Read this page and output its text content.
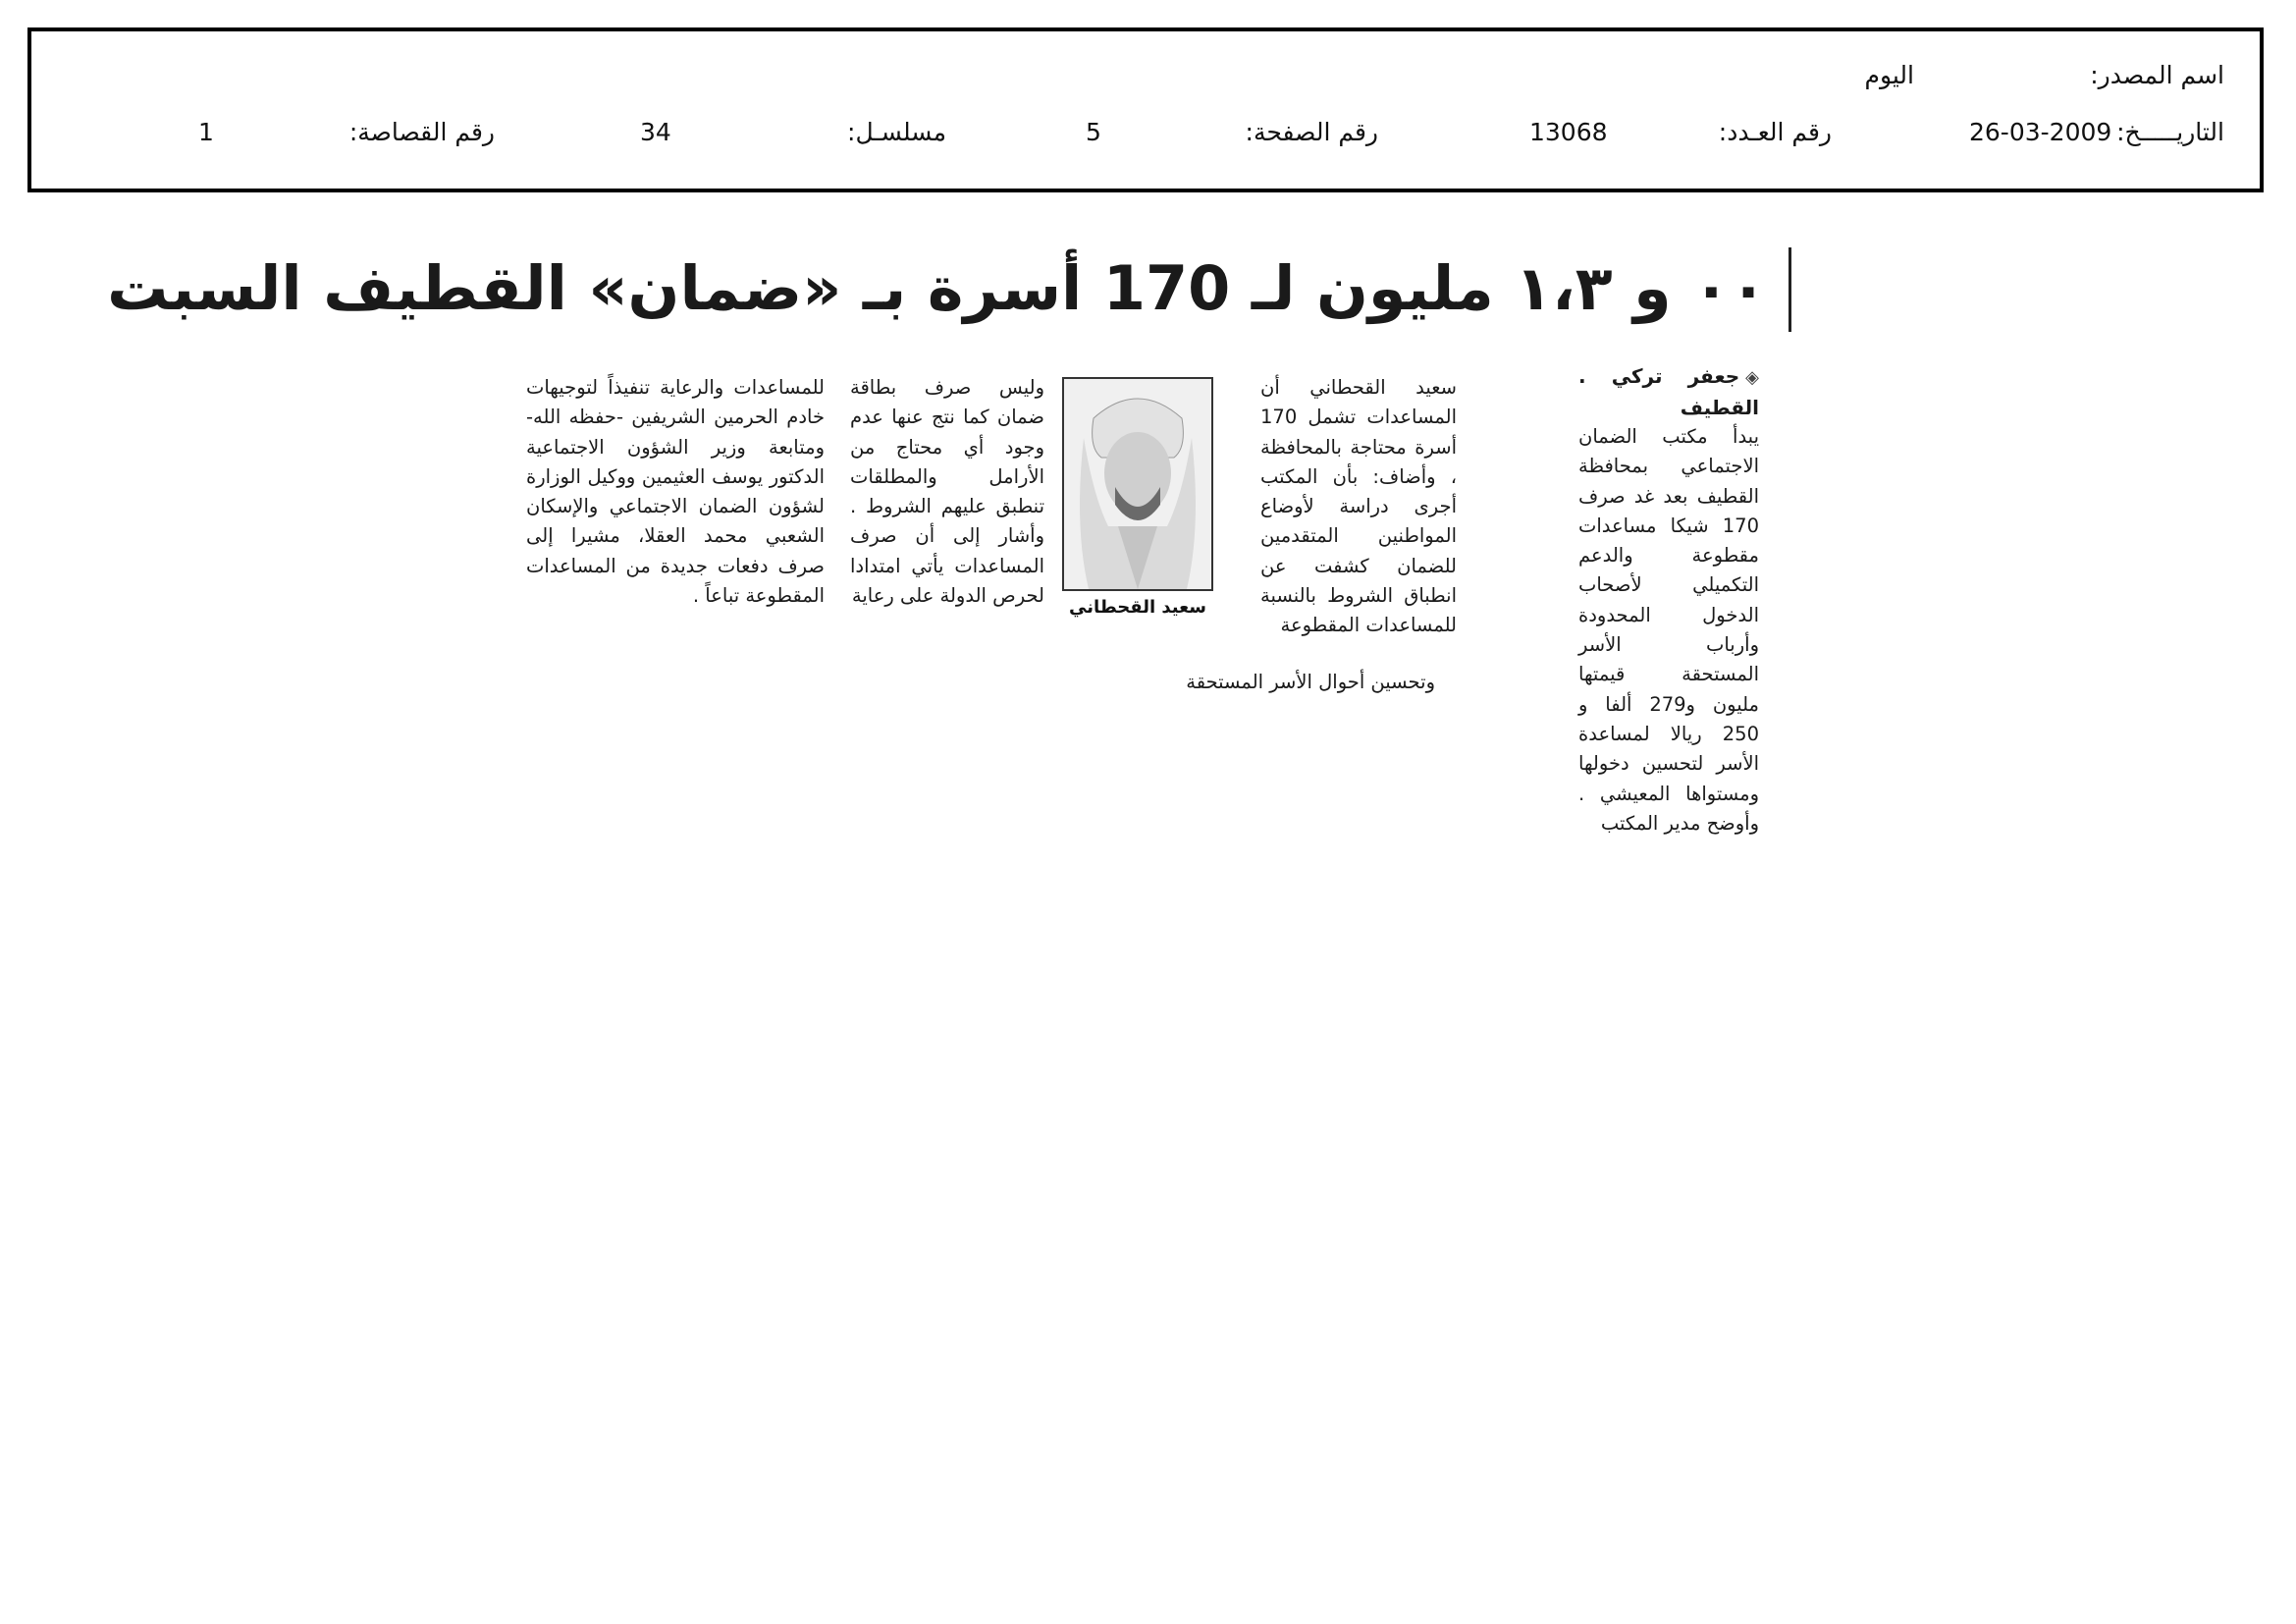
اسم المصدر:
اليوم
التاريـــــخ:
26-03-2009
رقم العـدد:
13068
رقم الصفحة:
5
مسلسـل:
34
رقم القصاصة:
1
٠٠ و ١،٣ مليون لـ 170 أسرة بـ «ضمان» القطيف السبت
◈جعفر تركي . القطيف
يبدأ مكتب الضمان الاجتماعي بمحافظة القطيف بعد غد صرف 170 شيكا مساعدات مقطوعة والدعم التكميلي لأصحاب الدخول المحدودة وأرباب الأسر المستحقة قيمتها مليون و279 ألفا و 250 ريالا لمساعدة الأسر لتحسين دخولها ومستواها المعيشي . وأوضح مدير المكتب
سعيد القحطاني أن المساعدات تشمل 170 أسرة محتاجة بالمحافظة ، وأضاف: بأن المكتب أجرى دراسة لأوضاع المواطنين المتقدمين للضمان كشفت عن انطباق الشروط بالنسبة للمساعدات المقطوعة
سعيد القحطاني
وتحسين أحوال الأسر المستحقة
وليس صرف بطاقة ضمان كما نتج عنها عدم وجود أي محتاج من الأرامل والمطلقات تنطبق عليهم الشروط . وأشار إلى أن صرف المساعدات يأتي امتدادا لحرص الدولة على رعاية
للمساعدات والرعاية تنفيذاً لتوجيهات خادم الحرمين الشريفين -حفظه الله- ومتابعة وزير الشؤون الاجتماعية الدكتور يوسف العثيمين ووكيل الوزارة لشؤون الضمان الاجتماعي والإسكان الشعبي محمد العقلا، مشيرا إلى صرف دفعات جديدة من المساعدات المقطوعة تباعاً .
